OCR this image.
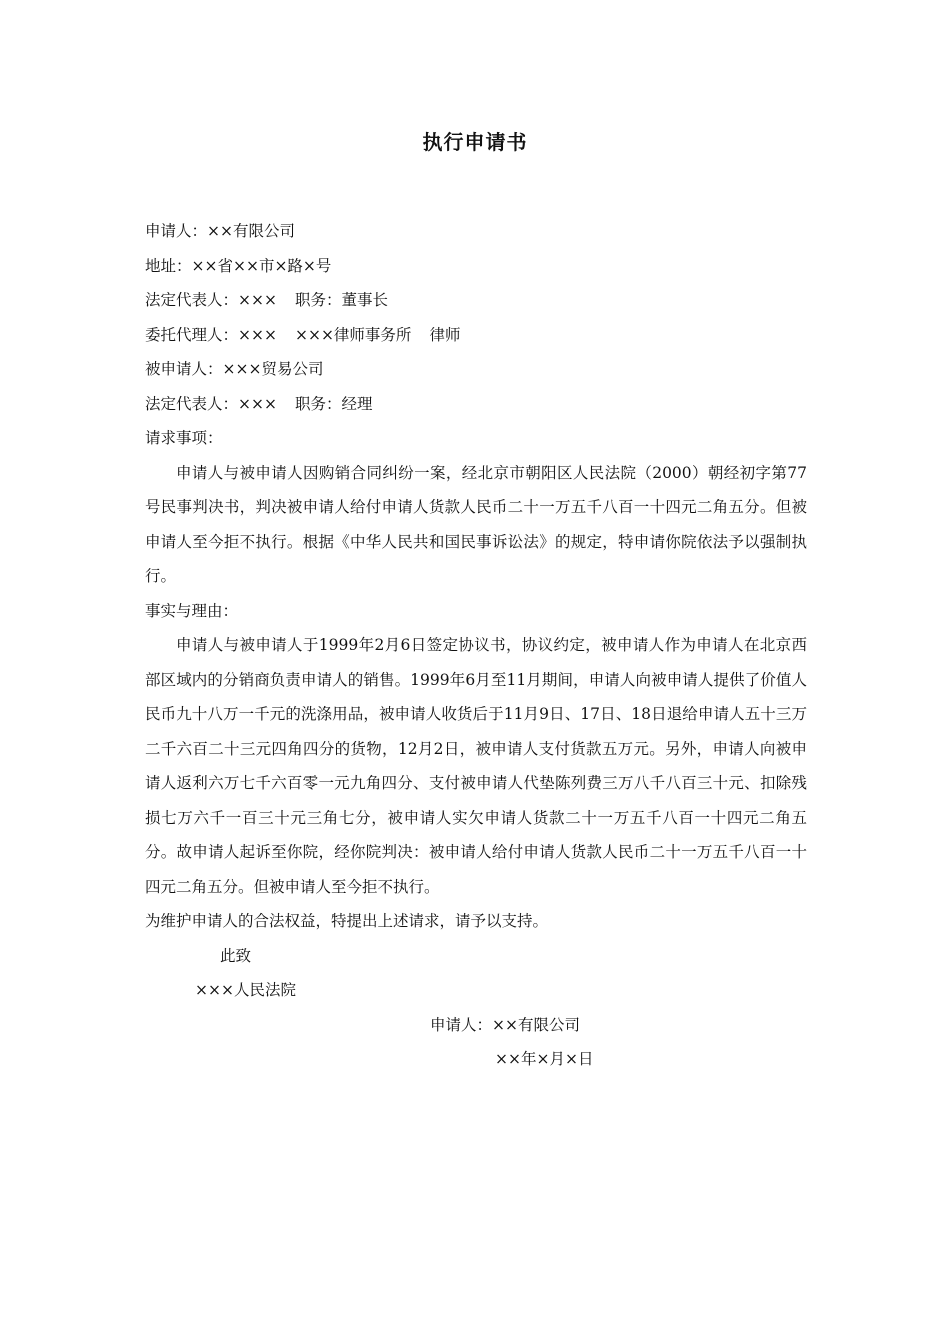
执行申请书
申请人：××有限公司
地址：××省××市×路×号
法定代表人：××× 职务：董事长
委托代理人：××× ×××律师事务所 律师
被申请人：×××贸易公司
法定代表人：××× 职务：经理
请求事项：
申请人与被申请人因购销合同纠纷一案，经北京市朝阳区人民法院（2000）朝经初字第77号民事判决书，判决被申请人给付申请人货款人民币二十一万五千八百一十四元二角五分。但被申请人至今拒不执行。根据《中华人民共和国民事诉讼法》的规定，特申请你院依法予以强制执行。
事实与理由：
申请人与被申请人于1999年2月6日签定协议书，协议约定，被申请人作为申请人在北京西部区域内的分销商负责申请人的销售。1999年6月至11月期间，申请人向被申请人提供了价值人民币九十八万一千元的洗涤用品，被申请人收货后于11月9日、17日、18日退给申请人五十三万二千六百二十三元四角四分的货物，12月2日，被申请人支付货款五万元。另外，申请人向被申请人返利六万七千六百零一元九角四分、支付被申请人代垫陈列费三万八千八百三十元、扣除残损七万六千一百三十元三角七分，被申请人实欠申请人货款二十一万五千八百一十四元二角五分。故申请人起诉至你院，经你院判决：被申请人给付申请人货款人民币二十一万五千八百一十四元二角五分。但被申请人至今拒不执行。
为维护申请人的合法权益，特提出上述请求，请予以支持。
此致
×××人民法院
申请人：××有限公司
××年×月×日
